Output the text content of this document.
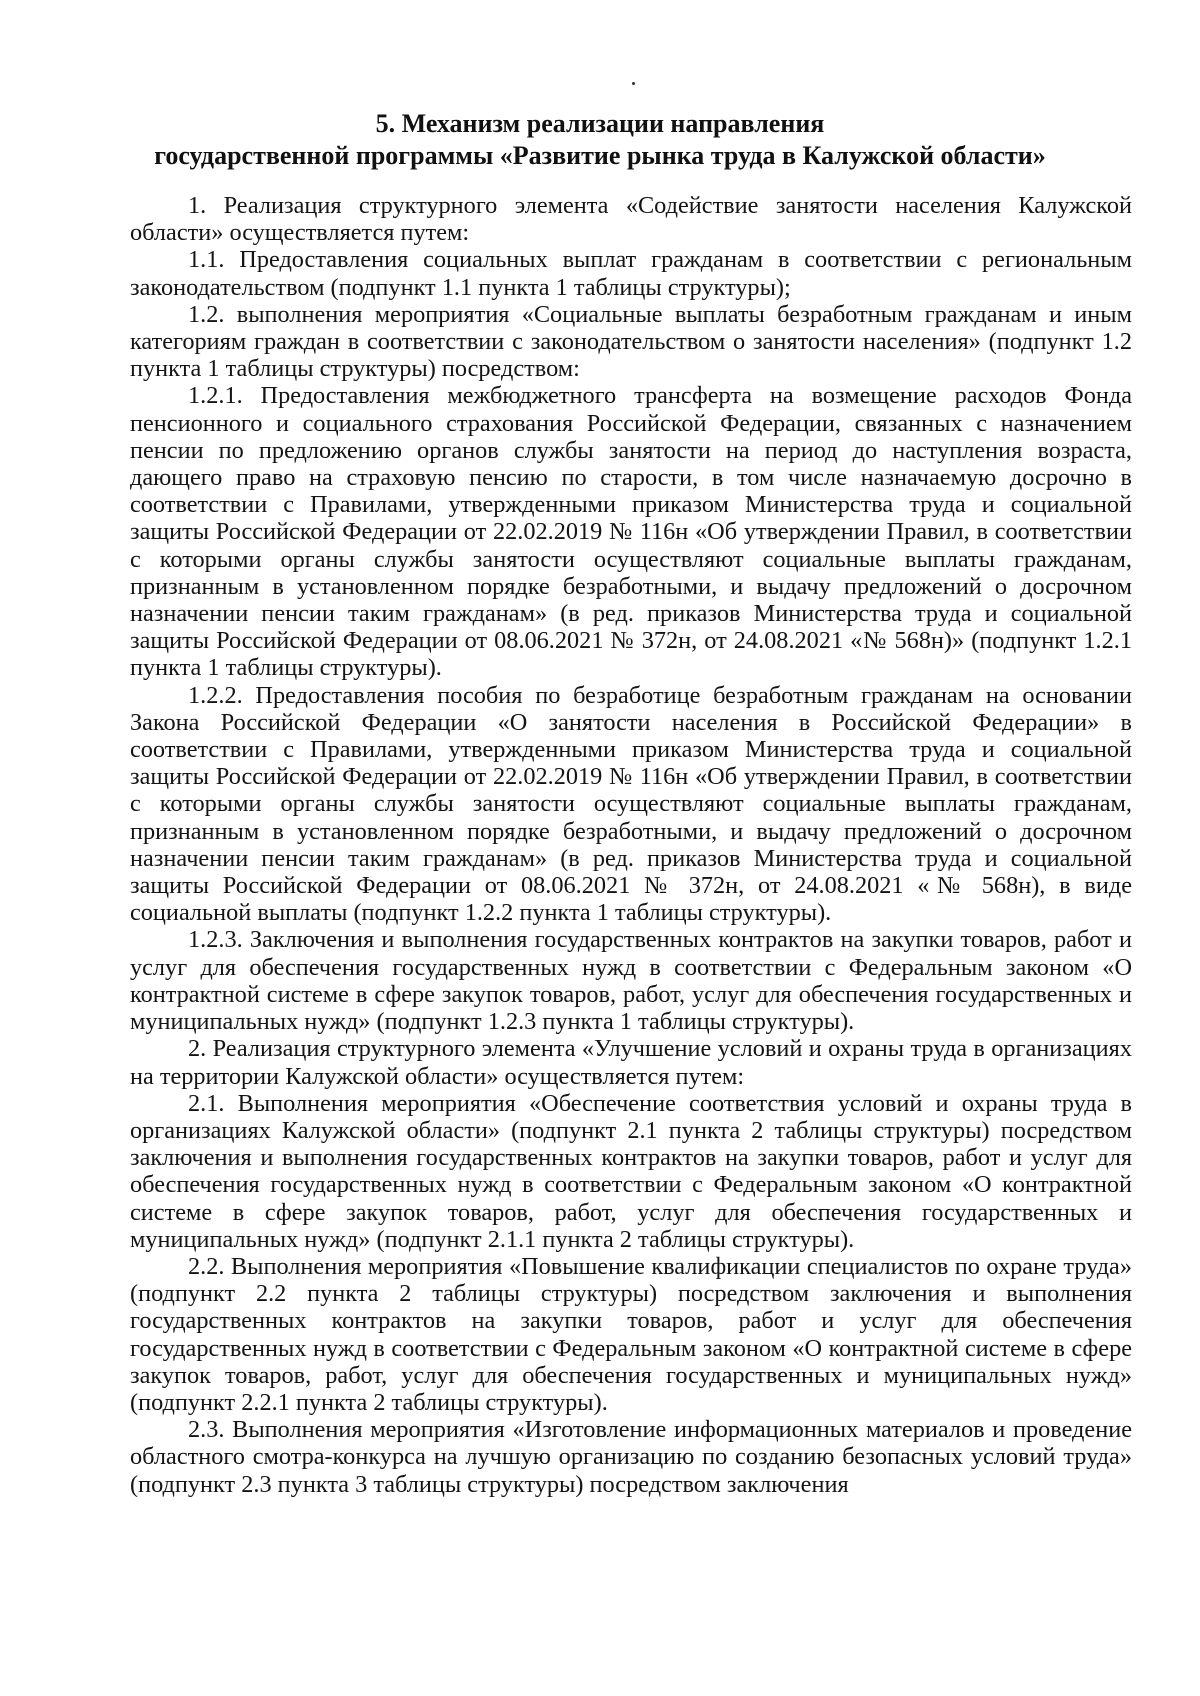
5. Механизм реализации направления
государственной программы «Развитие рынка труда в Калужской области»

1. Реализация структурного элемента «Содействие занятости населения Калужской области» осуществляется путем:

1.1. Предоставления социальных выплат гражданам в соответствии с региональным законодательством (подпункт 1.1 пункта 1 таблицы структуры);

1.2. выполнения мероприятия «Социальные выплаты безработным гражданам и иным категориям граждан в соответствии с законодательством о занятости населения» (подпункт 1.2 пункта 1 таблицы структуры) посредством:

1.2.1. Предоставления межбюджетного трансферта на возмещение расходов Фонда пенсионного и социального страхования Российской Федерации, связанных с назначением пенсии по предложению органов службы занятости на период до наступления возраста, дающего право на страховую пенсию по старости, в том числе назначаемую досрочно в соответствии с Правилами, утвержденными приказом Министерства труда и социальной защиты Российской Федерации от 22.02.2019 № 116н «Об утверждении Правил, в соответствии с которыми органы службы занятости осуществляют социальные выплаты гражданам, признанным в установленном порядке безработными, и выдачу предложений о досрочном назначении пенсии таким гражданам» (в ред. приказов Министерства труда и социальной защиты Российской Федерации от 08.06.2021 № 372н, от 24.08.2021 «№ 568н)» (подпункт 1.2.1 пункта 1 таблицы структуры).

1.2.2. Предоставления пособия по безработице безработным гражданам на основании Закона Российской Федерации «О занятости населения в Российской Федерации» в соответствии с Правилами, утвержденными приказом Министерства труда и социальной защиты Российской Федерации от 22.02.2019 № 116н «Об утверждении Правил, в соответствии с которыми органы службы занятости осуществляют социальные выплаты гражданам, признанным в установленном порядке безработными, и выдачу предложений о досрочном назначении пенсии таким гражданам» (в ред. приказов Министерства труда и социальной защиты Российской Федерации от 08.06.2021 № 372н, от 24.08.2021 «№ 568н), в виде социальной выплаты (подпункт 1.2.2 пункта 1 таблицы структуры).

1.2.3. Заключения и выполнения государственных контрактов на закупки товаров, работ и услуг для обеспечения государственных нужд в соответствии с Федеральным законом «О контрактной системе в сфере закупок товаров, работ, услуг для обеспечения государственных и муниципальных нужд» (подпункт 1.2.3 пункта 1 таблицы структуры).

2. Реализация структурного элемента «Улучшение условий и охраны труда в организациях на территории Калужской области» осуществляется путем:

2.1. Выполнения мероприятия «Обеспечение соответствия условий и охраны труда в организациях Калужской области» (подпункт 2.1 пункта 2 таблицы структуры) посредством заключения и выполнения государственных контрактов на закупки товаров, работ и услуг для обеспечения государственных нужд в соответствии с Федеральным законом «О контрактной системе в сфере закупок товаров, работ, услуг для обеспечения государственных и муниципальных нужд» (подпункт 2.1.1 пункта 2 таблицы структуры).

2.2. Выполнения мероприятия «Повышение квалификации специалистов по охране труда» (подпункт 2.2 пункта 2 таблицы структуры) посредством заключения и выполнения государственных контрактов на закупки товаров, работ и услуг для обеспечения государственных нужд в соответствии с Федеральным законом «О контрактной системе в сфере закупок товаров, работ, услуг для обеспечения государственных и муниципальных нужд» (подпункт 2.2.1 пункта 2 таблицы структуры).

2.3. Выполнения мероприятия «Изготовление информационных материалов и проведение областного смотра-конкурса на лучшую организацию по созданию безопасных условий труда» (подпункт 2.3 пункта 3 таблицы структуры) посредством заключения
